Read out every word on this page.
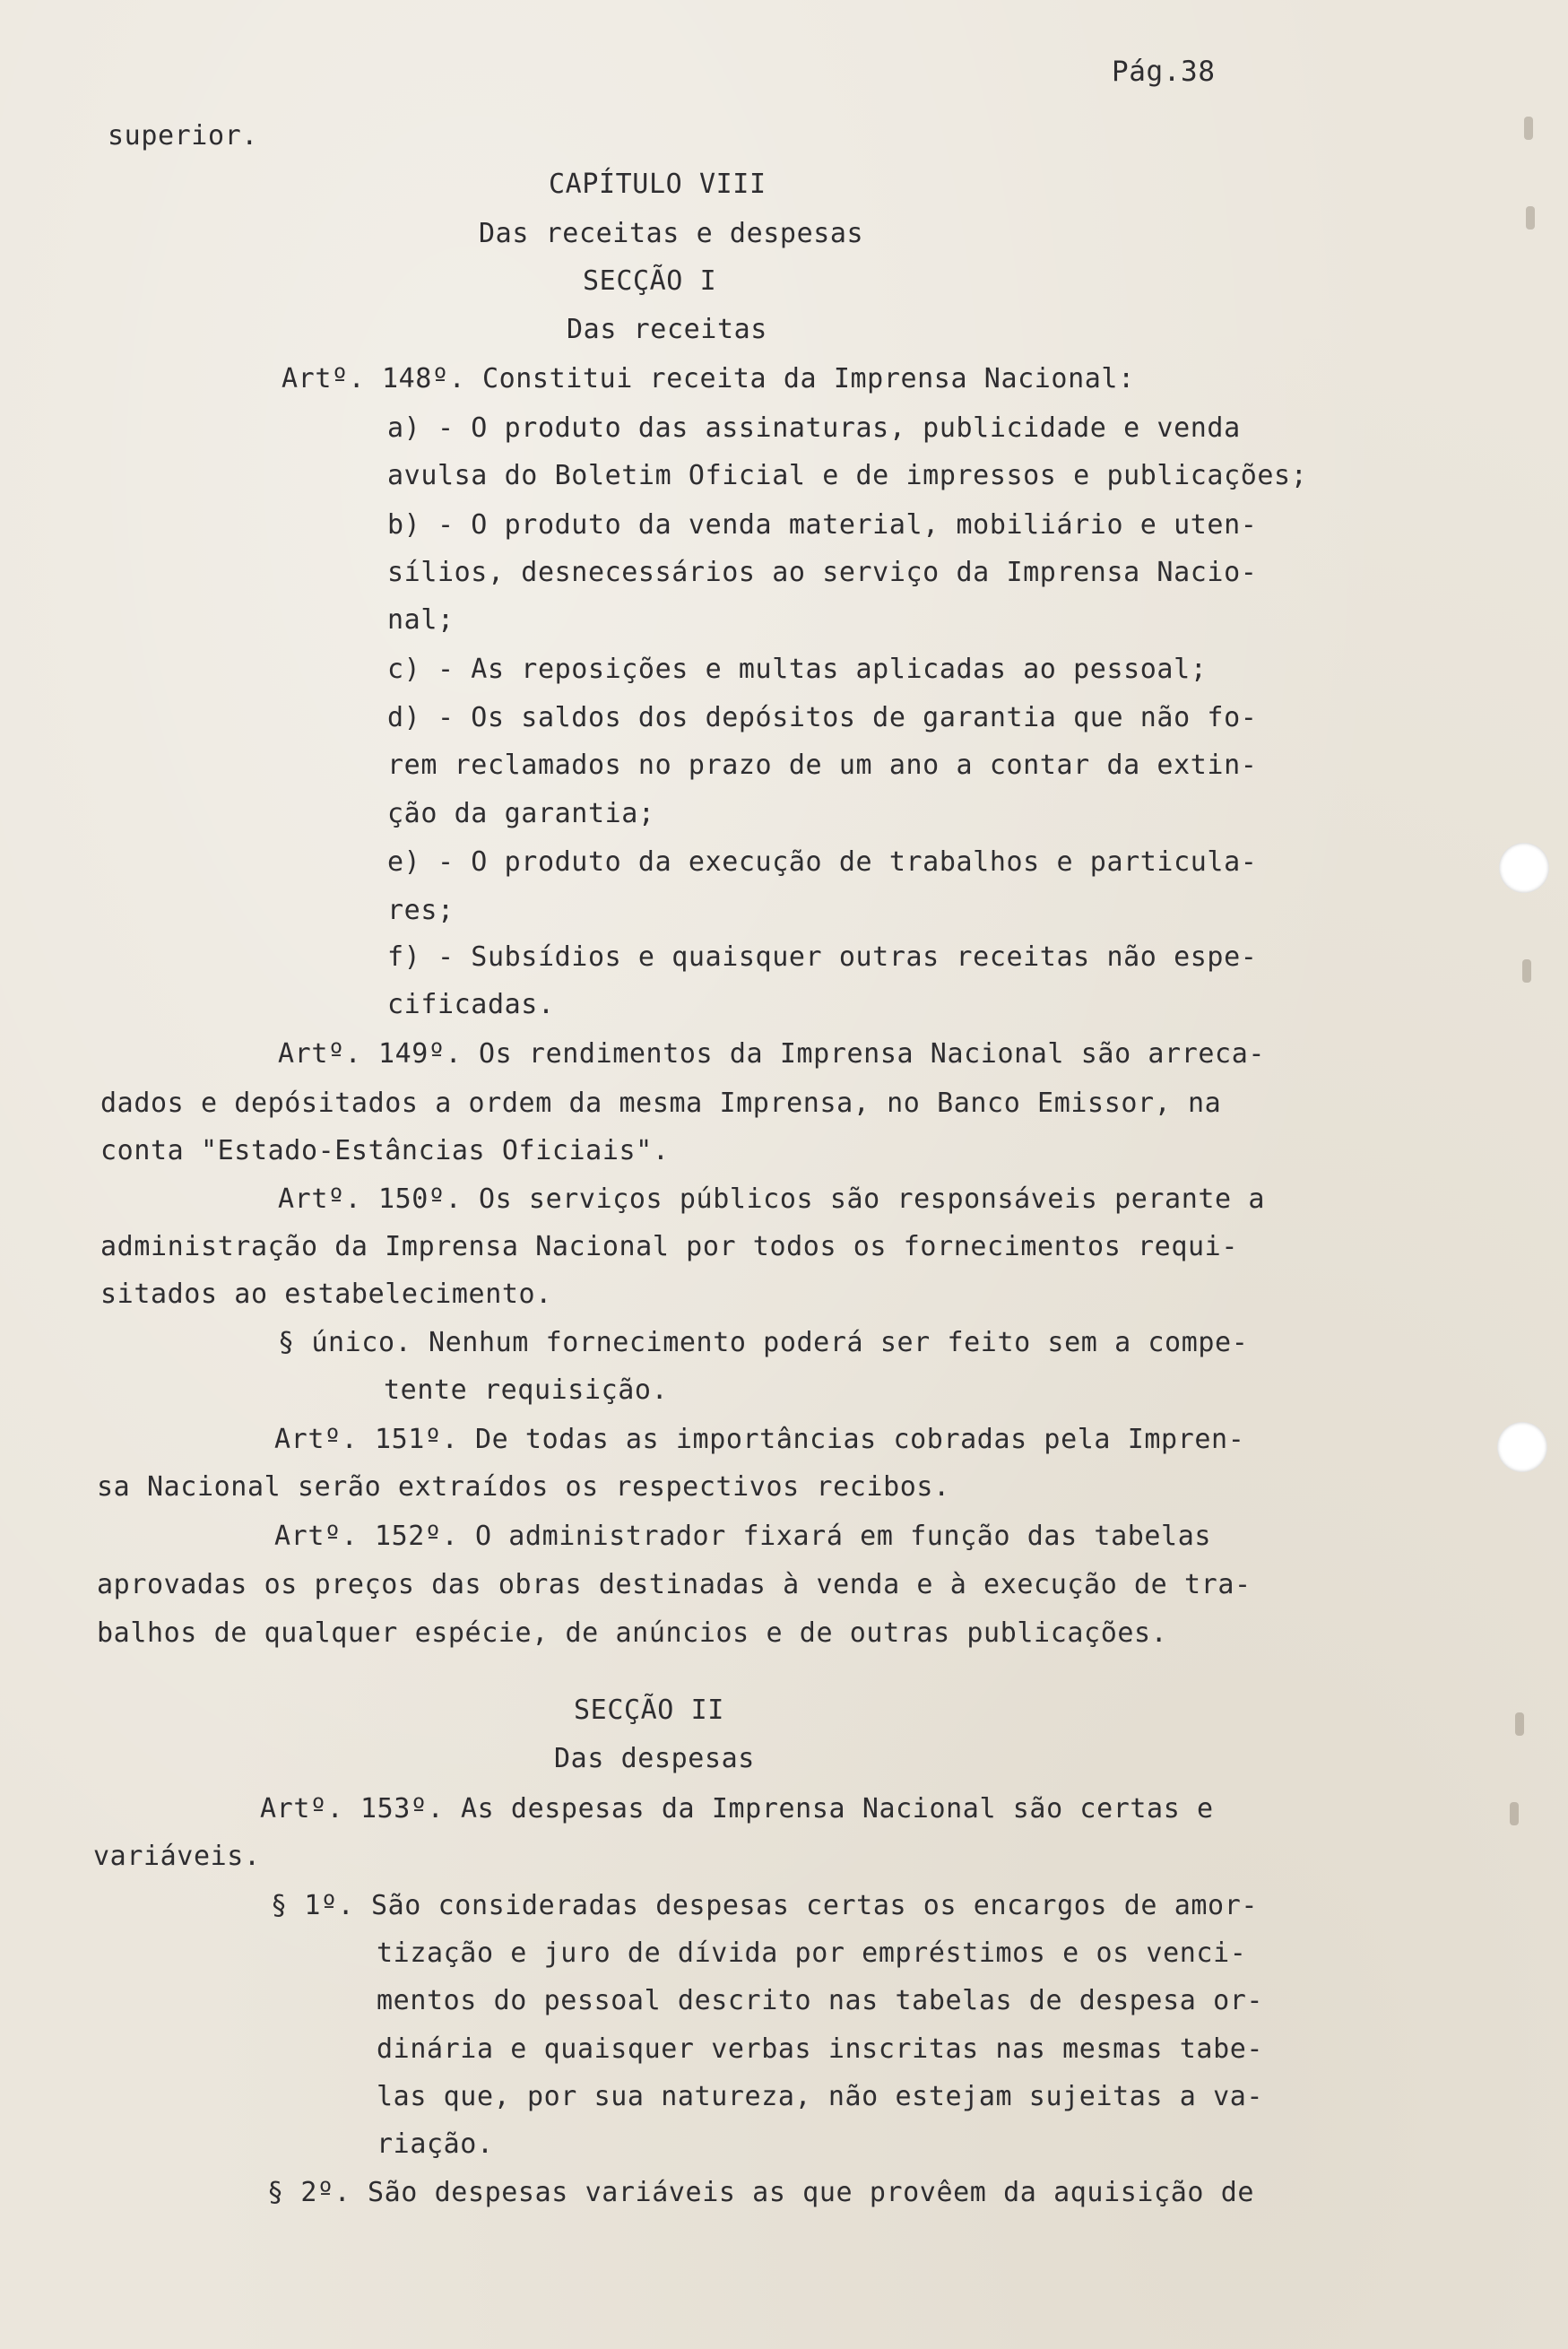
Pág.38
superior.
CAPÍTULO VIII
Das receitas e despesas
SECÇÃO I
Das receitas
Artº. 148º. Constitui receita da Imprensa Nacional:
a) - O produto das assinaturas, publicidade e venda
avulsa do Boletim Oficial e de impressos e publicações;
b) - O produto da venda material, mobiliário e uten-
sílios, desnecessários ao serviço da Imprensa Nacio-
nal;
c) - As reposições e multas aplicadas ao pessoal;
d) - Os saldos dos depósitos de garantia que não fo-
rem reclamados no prazo de um ano a contar da extin-
ção da garantia;
e) - O produto da execução de trabalhos e particula-
res;
f) - Subsídios e quaisquer outras receitas não espe-
cificadas.
Artº. 149º. Os rendimentos da Imprensa Nacional são arreca-
dados e depósitados a ordem da mesma Imprensa, no Banco Emissor, na
conta "Estado-Estâncias Oficiais".
Artº. 150º. Os serviços públicos são responsáveis perante a
administração da Imprensa Nacional por todos os fornecimentos requi-
sitados ao estabelecimento.
§ único. Nenhum fornecimento poderá ser feito sem a compe-
tente requisição.
Artº. 151º. De todas as importâncias cobradas pela Impren-
sa Nacional serão extraídos os respectivos recibos.
Artº. 152º. O administrador fixará em função das tabelas
aprovadas os preços das obras destinadas à venda e à execução de tra-
balhos de qualquer espécie, de anúncios e de outras publicações.
SECÇÃO II
Das despesas
Artº. 153º. As despesas da Imprensa Nacional são certas e
variáveis.
§ 1º. São consideradas despesas certas os encargos de amor-
tização e juro de dívida por empréstimos e os venci-
mentos do pessoal descrito nas tabelas de despesa or-
dinária e quaisquer verbas inscritas nas mesmas tabe-
las que, por sua natureza, não estejam sujeitas a va-
riação.
§ 2º. São despesas variáveis as que provêem da aquisição de
